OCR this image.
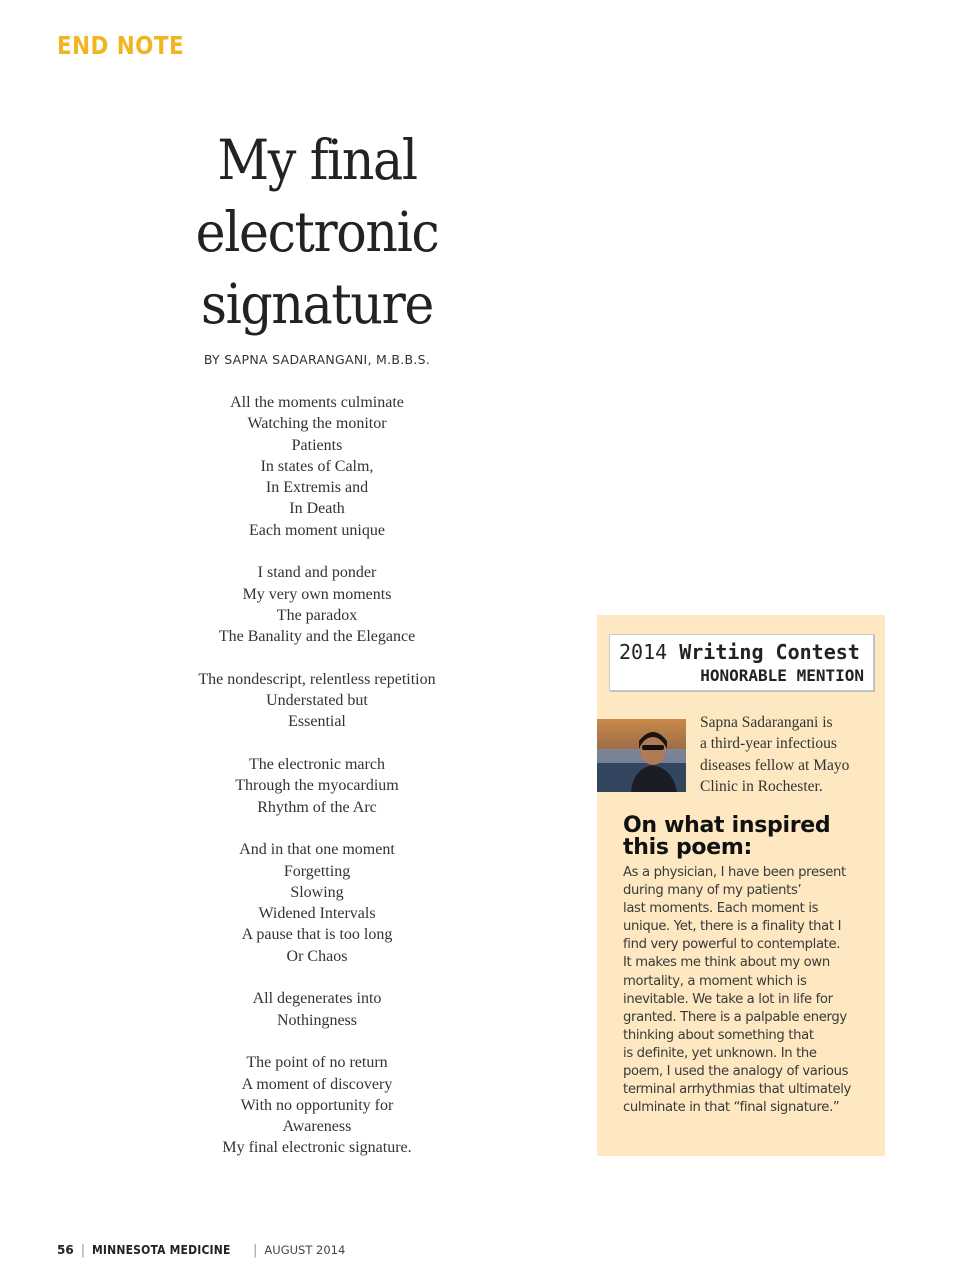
END NOTE
My final
electronic
signature
BY SAPNA SADARANGANI, M.B.B.S.
All the moments culminate
Watching the monitor
Patients
In states of Calm,
In Extremis and
In Death
Each moment unique
I stand and ponder
My very own moments
The paradox
The Banality and the Elegance
The nondescript, relentless repetition
Understated but
Essential
The electronic march
Through the myocardium
Rhythm of the Arc
And in that one moment
Forgetting
Slowing
Widened Intervals
A pause that is too long
Or Chaos
All degenerates into
Nothingness
The point of no return
A moment of discovery
With no opportunity for
Awareness
My final electronic signature.
2014 Writing Contest
HONORABLE MENTION
Sapna Sadarangani is
a third-year infectious
diseases fellow at Mayo
Clinic in Rochester.
On what inspired
this poem:
As a physician, I have been present
during many of my patients’
last moments. Each moment is
unique. Yet, there is a finality that I
find very powerful to contemplate.
It makes me think about my own
mortality, a moment which is
inevitable. We take a lot in life for
granted. There is a palpable energy
thinking about something that
is definite, yet unknown. In the
poem, I used the analogy of various
terminal arrhythmias that ultimately
culminate in that “final signature.”
56 | MINNESOTA MEDICINE | AUGUST 2014
